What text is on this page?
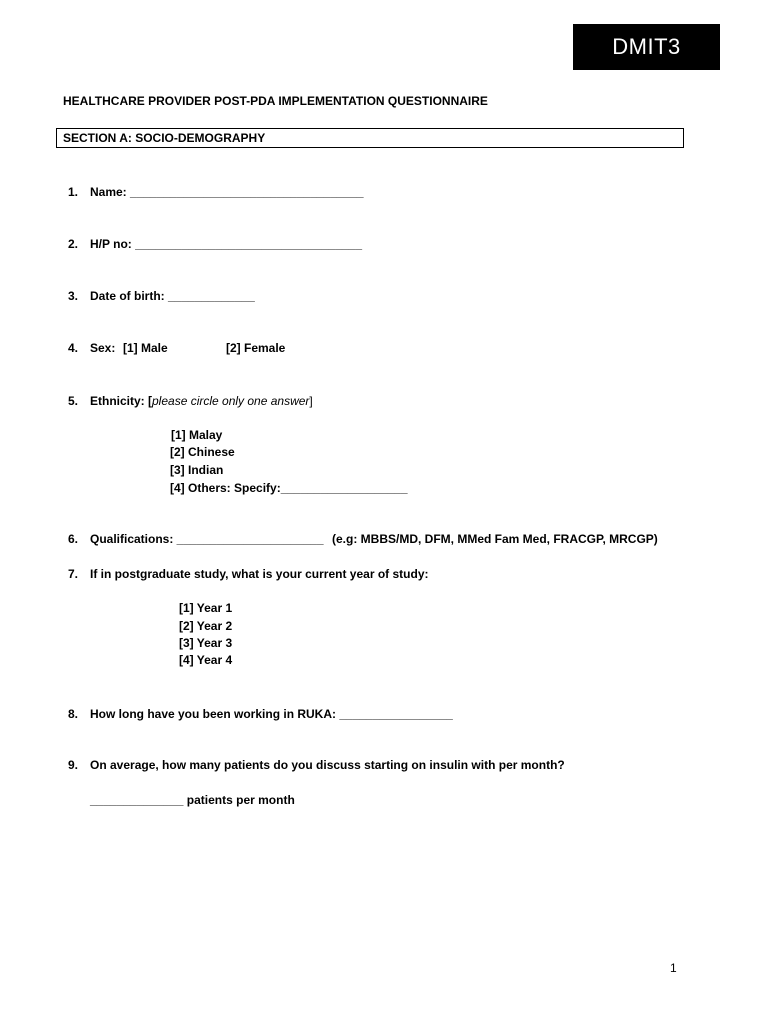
DMIT3
HEALTHCARE PROVIDER POST-PDA IMPLEMENTATION QUESTIONNAIRE
SECTION A: SOCIO-DEMOGRAPHY
1. Name: ___________________________________
2. H/P no: __________________________________
3. Date of birth: _____________
4. Sex: [1] Male	[2] Female
5. Ethnicity: [please circle only one answer]
[1] Malay
[2] Chinese
[3] Indian
[4] Others: Specify:___________________
6. Qualifications: ______________________ (e.g: MBBS/MD, DFM, MMed Fam Med, FRACGP, MRCGP)
7. If in postgraduate study, what is your current year of study:
[1] Year 1
[2] Year 2
[3] Year 3
[4] Year 4
8. How long have you been working in RUKA: _________________
9. On average, how many patients do you discuss starting on insulin with per month?
______________ patients per month
1
